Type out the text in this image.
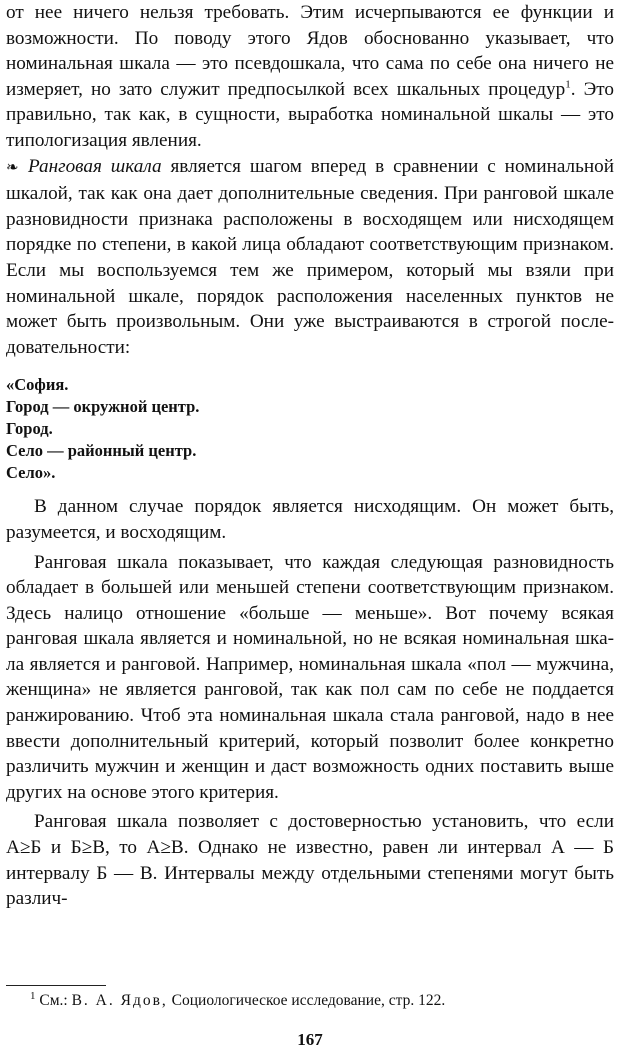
от нее ничего нельзя требовать. Этим исчерпываются ее функции и возможности. По поводу этого Ядов обоснованно указывает, что номинальная шкала — это псевдошкала, что сама по себе она ничего не измеряет, но зато служит предпосылкой всех шкальных процедур$^1$. Это правильно, так как, в сущности, выработка номинальной шкалы — это типологизация явления.

❧ Ранговая шкала является шагом вперед в сравнении с номинальной шкалой, так как она дает дополнительные сведения. При ранговой шкале разновидности признака расположены в восходящем или нисходящем порядке по степени, в какой лица обладают соответствующим признаком. Если мы воспользуемся тем же примером, который мы взяли при номинальной шкале, порядок расположения населенных пунктов не может быть произвольным. Они уже выстраиваются в строгой последовательности:

«София.
Город — окружной центр.
Город.
Село — районный центр.
Село».

В данном случае порядок является нисходящим. Он может быть, разумеется, и восходящим.

Ранговая шкала показывает, что каждая следующая разновидность обладает в большей или меньшей степени соответствующим признаком. Здесь налицо отношение «больше — меньше». Вот почему всякая ранговая шкала является и номинальной, но не всякая номинальная шкала является и ранговой. Например, номинальная шкала «пол — мужчина, женщина» не является ранговой, так как пол сам по себе не поддается ранжированию. Чтоб эта номинальная шкала стала ранговой, надо в нее ввести дополнительный критерий, который позволит более конкретно различить мужчин и женщин и даст возможность одних поставить выше других на основе этого критерия.

Ранговая шкала позволяет с достоверностью установить, что если А≥Б и Б≥В, то А≥В. Однако не известно, равен ли интервал А — Б интервалу Б — В. Интервалы между отдельными степенями могут быть различ-

$^1$ См.: В. А. Ядов, Социологическое исследование, стр. 122.
167
